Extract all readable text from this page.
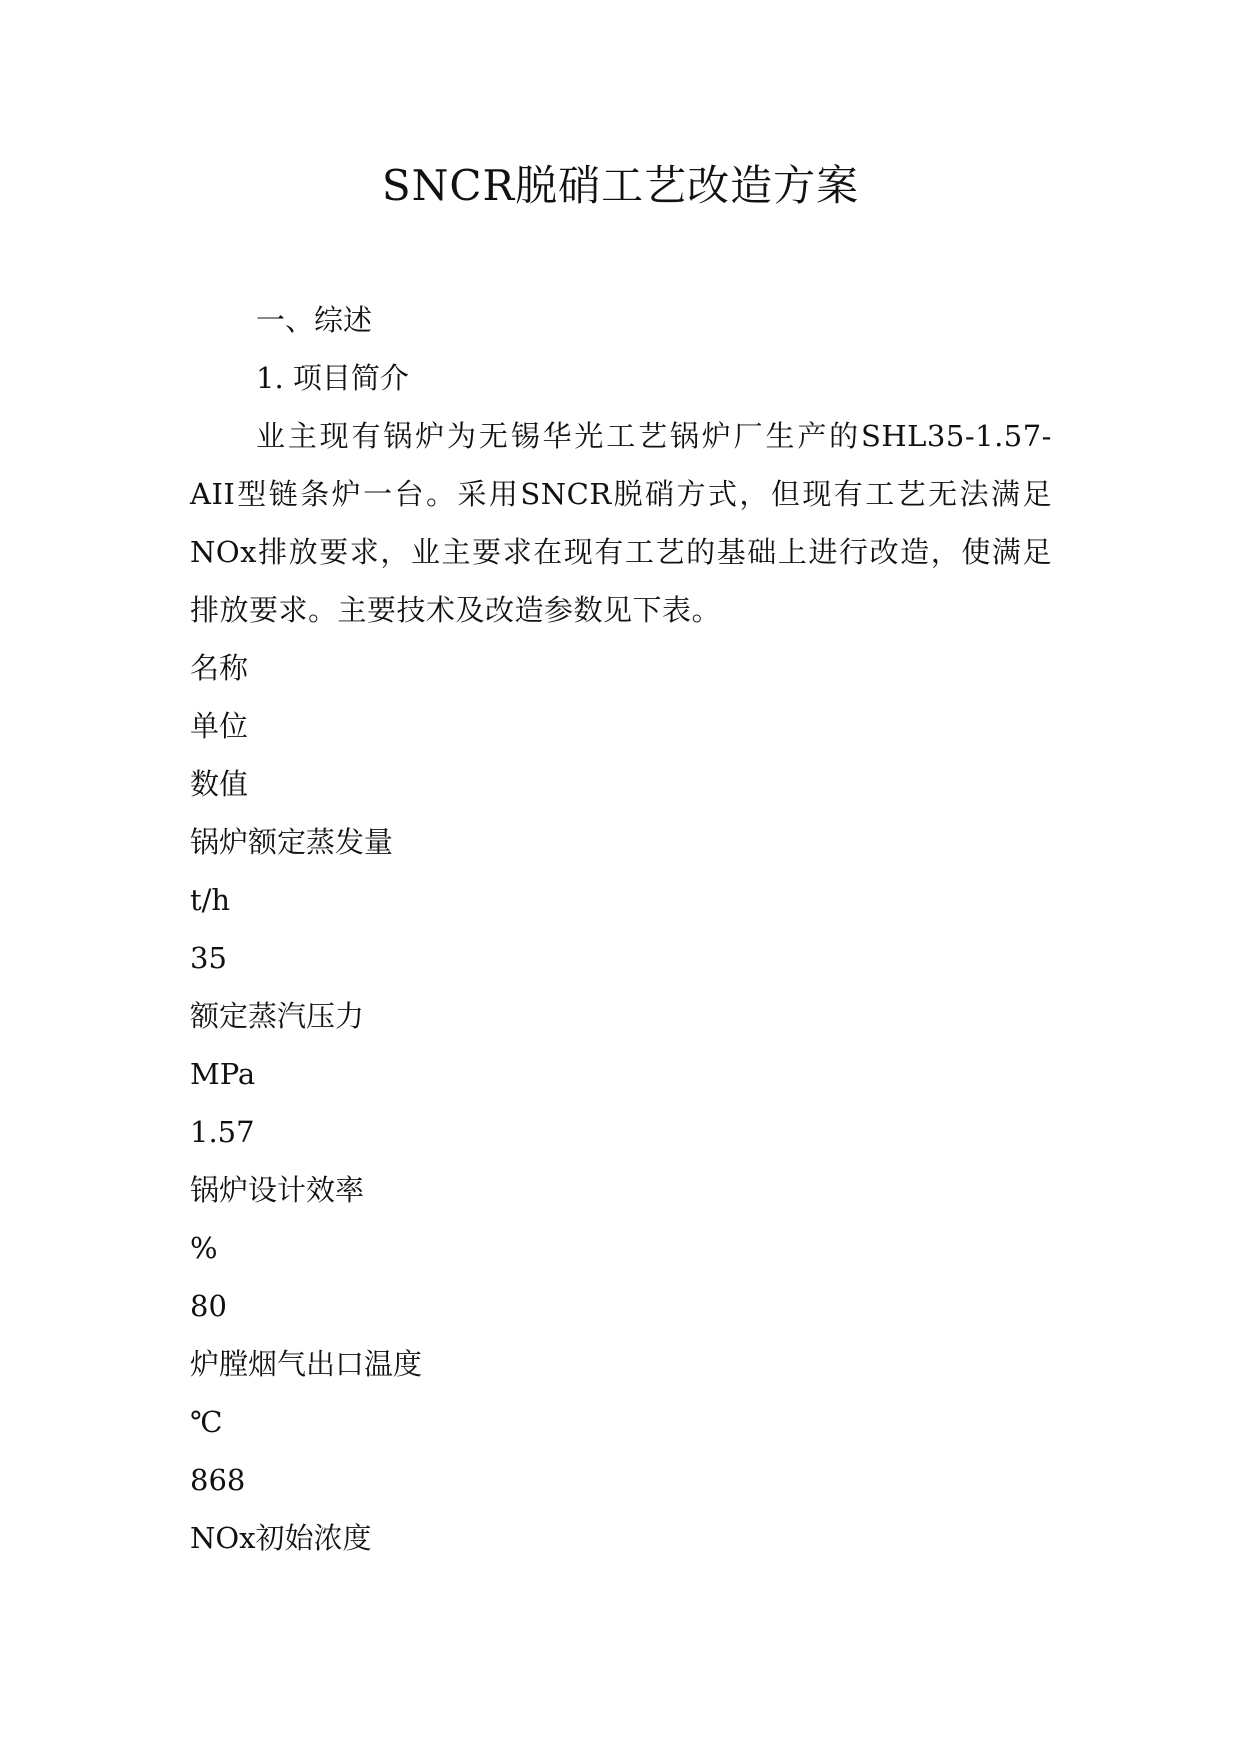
SNCR脱硝工艺改造方案

一、综述

1. 项目简介

业主现有锅炉为无锡华光工艺锅炉厂生产的SHL35-1.57-AII型链条炉一台。采用SNCR脱硝方式，但现有工艺无法满足NOx排放要求，业主要求在现有工艺的基础上进行改造，使满足排放要求。主要技术及改造参数见下表。

名称

单位

数值

锅炉额定蒸发量

t/h

35

额定蒸汽压力

MPa

1.57

锅炉设计效率

%

80

炉膛烟气出口温度

℃

868

NOx初始浓度
